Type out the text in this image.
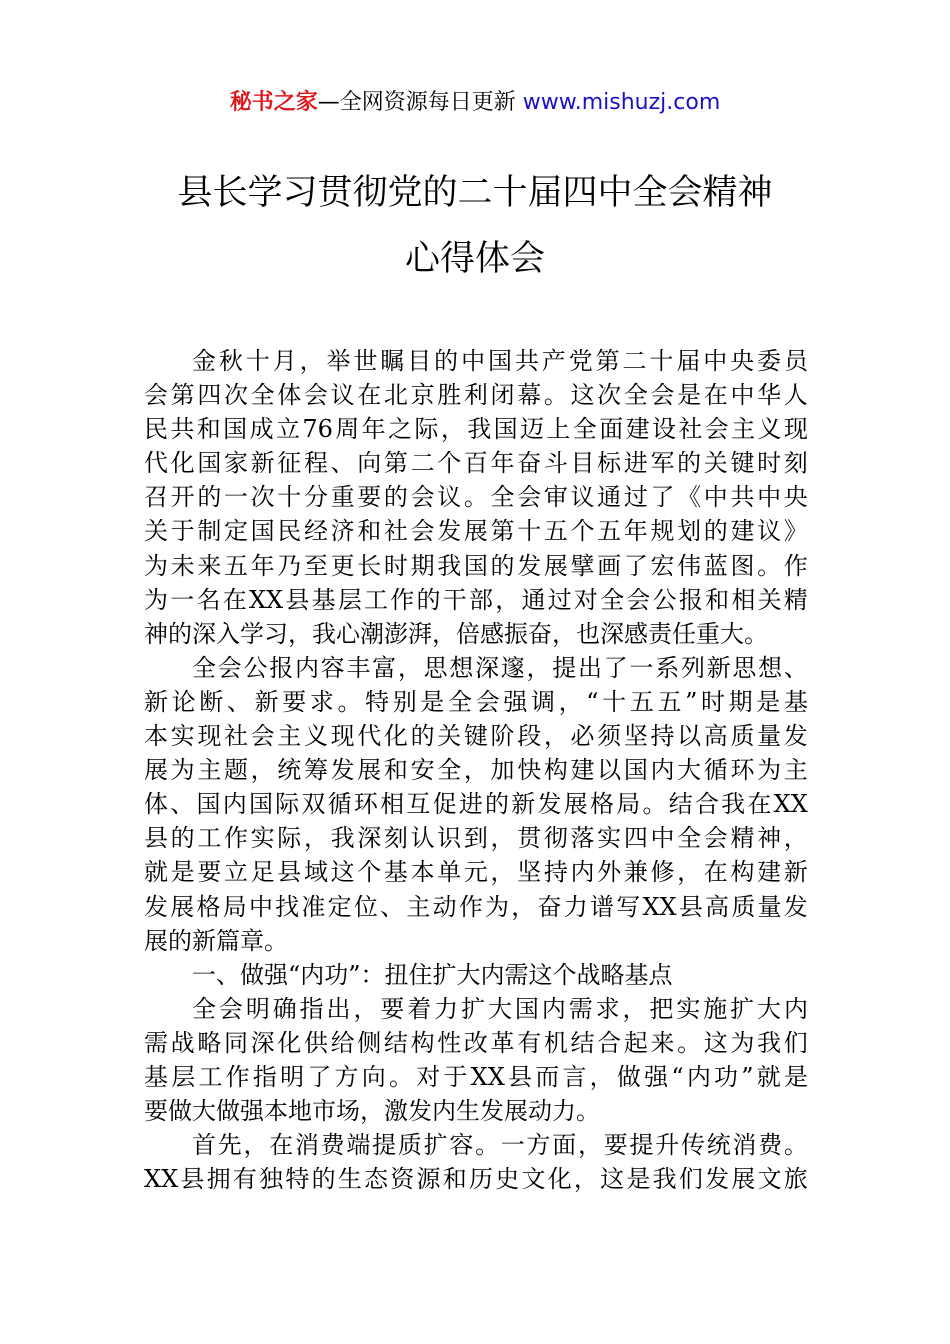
秘书之家—全网资源每日更新 www.mishuzj.com
县长学习贯彻党的二十届四中全会精神
心得体会
金 秋 十 月 ， 举 世 瞩 目 的 中 国 共 产 党 第 二 十 届 中 央 委 员
会 第 四 次 全 体 会 议 在 北 京 胜 利 闭 幕 。 这 次 全 会 是 在 中 华 人
民 共 和 国 成 立 76 周 年 之 际 ， 我 国 迈 上 全 面 建 设 社 会 主 义 现
代 化 国 家 新 征 程 、 向 第 二 个 百 年 奋 斗 目 标 进 军 的 关 键 时 刻
召 开 的 一 次 十 分 重 要 的 会 议 。 全 会 审 议 通 过 了 《 中 共 中 央
关 于 制 定 国 民 经 济 和 社 会 发 展 第 十 五 个 五 年 规 划 的 建 议 》
为 未 来 五 年 乃 至 更 长 时 期 我 国 的 发 展 擘 画 了 宏 伟 蓝 图 。 作
为 一 名 在 XX 县 基 层 工 作 的 干 部 ， 通 过 对 全 会 公 报 和 相 关 精
神的深入学习，我心潮澎湃，倍感振奋，也深感责任重大。
全 会 公 报 内 容 丰 富 ， 思 想 深 邃 ， 提 出 了 一 系 列 新 思 想 、
新 论 断 、 新 要 求 。 特 别 是 全 会 强 调 ， “ 十 五 五 ” 时 期 是 基
本 实 现 社 会 主 义 现 代 化 的 关 键 阶 段 ， 必 须 坚 持 以 高 质 量 发
展 为 主 题 ， 统 筹 发 展 和 安 全 ， 加 快 构 建 以 国 内 大 循 环 为 主
体 、 国 内 国 际 双 循 环 相 互 促 进 的 新 发 展 格 局 。 结 合 我 在 XX
县 的 工 作 实 际 ， 我 深 刻 认 识 到 ， 贯 彻 落 实 四 中 全 会 精 神 ，
就 是 要 立 足 县 域 这 个 基 本 单 元 ， 坚 持 内 外 兼 修 ， 在 构 建 新
发 展 格 局 中 找 准 定 位 、 主 动 作 为 ， 奋 力 谱 写 XX 县 高 质 量 发
展的新篇章。
一、做强“内功”：扭住扩大内需这个战略基点
全 会 明 确 指 出 ， 要 着 力 扩 大 国 内 需 求 ， 把 实 施 扩 大 内
需 战 略 同 深 化 供 给 侧 结 构 性 改 革 有 机 结 合 起 来 。 这 为 我 们
基 层 工 作 指 明 了 方 向 。 对 于 XX 县 而 言 ， 做 强 “ 内 功 ” 就 是
要做大做强本地市场，激发内生发展动力。
首 先 ， 在 消 费 端 提 质 扩 容 。 一 方 面 ， 要 提 升 传 统 消 费 。
XX 县 拥 有 独 特 的 生 态 资 源 和 历 史 文 化 ， 这 是 我 们 发 展 文 旅
